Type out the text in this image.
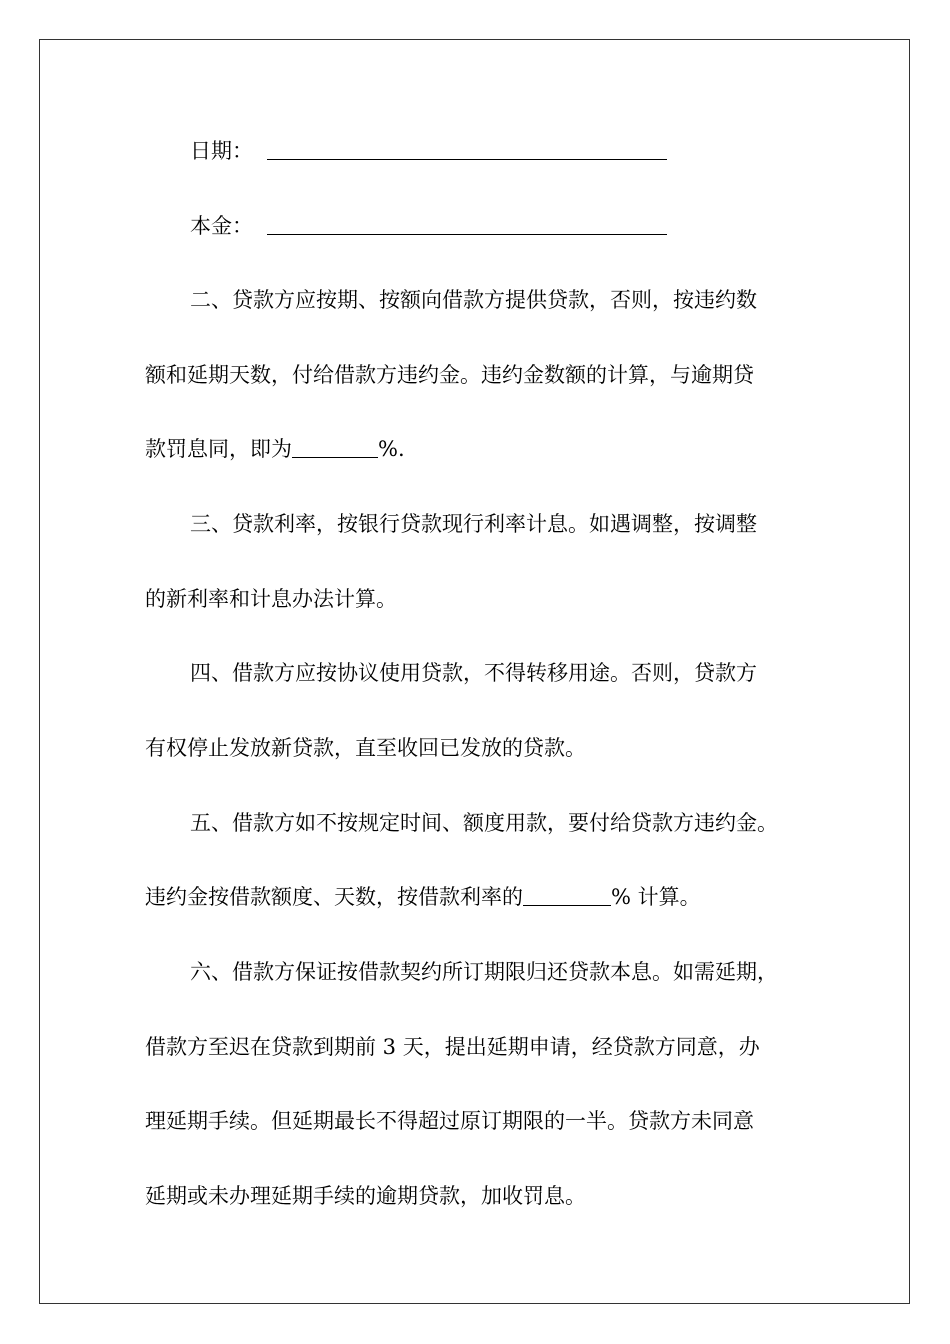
日期：
本金：
二、贷款方应按期、按额向借款方提供贷款，否则，按违约数
额和延期天数，付给借款方违约金。违约金数额的计算，与逾期贷
款罚息同，即为	%.
三、贷款利率，按银行贷款现行利率计息。如遇调整，按调整
的新利率和计息办法计算。
四、借款方应按协议使用贷款，不得转移用途。否则，贷款方
有权停止发放新贷款，直至收回已发放的贷款。
五、借款方如不按规定时间、额度用款，要付给贷款方违约金。
违约金按借款额度、天数，按借款利率的	% 计算。
六、借款方保证按借款契约所订期限归还贷款本息。如需延期，
借款方至迟在贷款到期前 3 天，提出延期申请，经贷款方同意，办
理延期手续。但延期最长不得超过原订期限的一半。贷款方未同意
延期或未办理延期手续的逾期贷款，加收罚息。
